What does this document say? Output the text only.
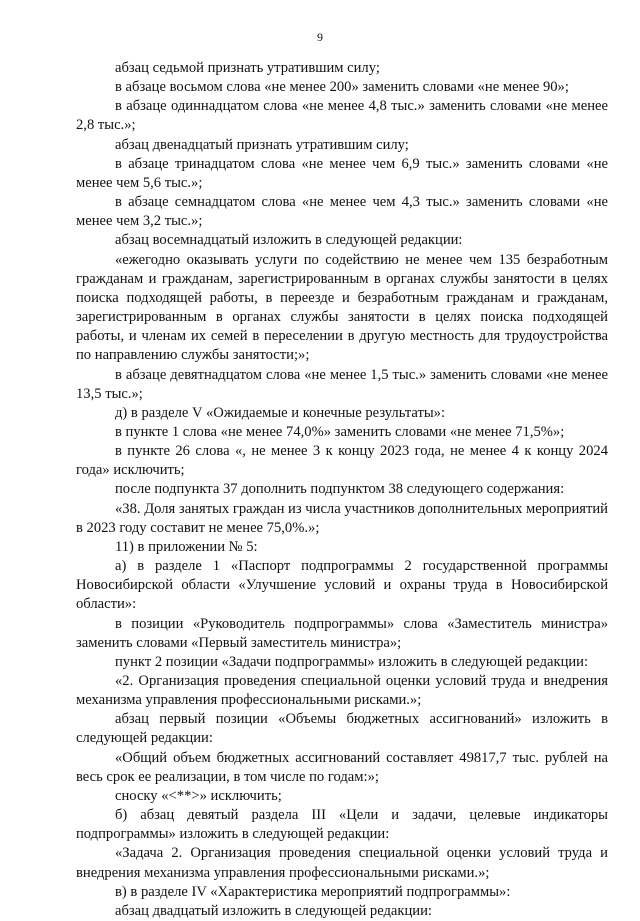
9

абзац седьмой признать утратившим силу;

в абзаце восьмом слова «не менее 200» заменить словами «не менее 90»;

в абзаце одиннадцатом слова «не менее 4,8 тыс.» заменить словами «не менее 2,8 тыс.»;

абзац двенадцатый признать утратившим силу;

в абзаце тринадцатом слова «не менее чем 6,9 тыс.» заменить словами «не менее чем 5,6 тыс.»;

в абзаце семнадцатом слова «не менее чем 4,3 тыс.» заменить словами «не менее чем 3,2 тыс.»;

абзац восемнадцатый изложить в следующей редакции:

«ежегодно оказывать услуги по содействию не менее чем 135 безработным гражданам и гражданам, зарегистрированным в органах службы занятости в целях поиска подходящей работы, в переезде и безработным гражданам и гражданам, зарегистрированным в органах службы занятости в целях поиска подходящей работы, и членам их семей в переселении в другую местность для трудоустройства по направлению службы занятости;»;

в абзаце девятнадцатом слова «не менее 1,5 тыс.» заменить словами «не менее 13,5 тыс.»;

д) в разделе V «Ожидаемые и конечные результаты»:

в пункте 1 слова «не менее 74,0%» заменить словами «не менее 71,5%»;

в пункте 26 слова «, не менее 3 к концу 2023 года, не менее 4 к концу 2024 года» исключить;

после подпункта 37 дополнить подпунктом 38 следующего содержания:

«38. Доля занятых граждан из числа участников дополнительных мероприятий в 2023 году составит не менее 75,0%.»;

11) в приложении № 5:

а) в разделе 1 «Паспорт подпрограммы 2 государственной программы Новосибирской области «Улучшение условий и охраны труда в Новосибирской области»:

в позиции «Руководитель подпрограммы» слова «Заместитель министра» заменить словами «Первый заместитель министра»;

пункт 2 позиции «Задачи подпрограммы» изложить в следующей редакции:

«2. Организация проведения специальной оценки условий труда и внедрения механизма управления профессиональными рисками.»;

абзац первый позиции «Объемы бюджетных ассигнований» изложить в следующей редакции:

«Общий объем бюджетных ассигнований составляет 49817,7 тыс. рублей на весь срок ее реализации, в том числе по годам:»;

сноску «<**>» исключить;

б) абзац девятый раздела III «Цели и задачи, целевые индикаторы подпрограммы» изложить в следующей редакции:

«Задача 2. Организация проведения специальной оценки условий труда и внедрения механизма управления профессиональными рисками.»;

в) в разделе IV «Характеристика мероприятий подпрограммы»:

абзац двадцатый изложить в следующей редакции:
